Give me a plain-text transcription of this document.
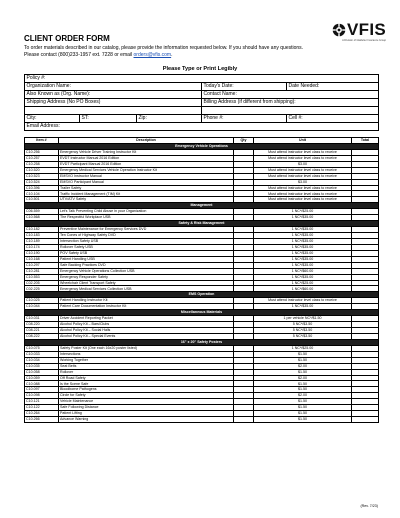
VFIS
A Division of Glatfelter Insurance Group
CLIENT ORDER FORM
To order materials described in our catalog, please provide the information requested below. If you should have any questions.
Please contact (800)233-1957 ext. 7228 or email orders@vfis.com.
Please Type or Print Legibly
Policy #:				
Organization Name:			Today's Date:	Date Needed:
Also Known as (Org. Name):			Contact Name:	
Shipping Address (No PO Boxes)			Billing Address (if different from shipping):	

City:	ST:	Zip:	Phone #:	Cell #:
Email Address:				
Item #	Description	Qty	Unit	Total
Emergency Vehicle Operations				
C10.256	Emergency Vehicle Driver Training Instructor Kit		Must attend instructor level class to receive	
C10.257	EVDT Instructor Manual 2016 Edition		Must attend instructor level class to receive	
C10.258	EVDT Participant Manual 2016 Edition		$3.00	
C10.520	Emergency Medical Services Vehicle Operation Instructor Kit		Must attend instructor level class to receive	
C10.523	EMSVO Instructor Manual		Must attend instructor level class to receive	
C10.524	EMSVO Participant Manual		$3.00	
C10.396	Trailer Safety		Must attend instructor level class to receive	
C10.104	Traffic Incident Management (TIM) Kit		Must attend instructor level class to receive	
C10.501	UTV/ATV Safety		Must attend instructor level class to receive	
Management				
C06.559	Let's Talk Preventing Child Abuse in your Organization		1 NC*/$25.00	
C10.568	The Respectful Workplace USB		1 NC*/$35.00	
Safety & Risk Management				
C10.182	Preventive Maintenance for Emergency Services DVD		1 NC*/$35.00	
C10.183	Ten Cones of Highway Safety DVD		1 NC*/$35.00	
C10.189	Intersection Safety USB		1 NC*/$35.00	
C10.174	Rollover Safety USB		1 NC*/$35.00	
C10.190	POV Safety USB		1 NC*/$35.00	
C10.168	Patient Handling USB		1 NC*/$35.00	
C10.297	Safe Backing Practices DVD		1 NC*/$35.00	
C10.281	Emergency Vehicle Operations Collection USB		1 NC*/$60.00	
C10.553	Emergency Responder Safety		1 NC*/$35.00	
C02.205	Wheelchair Client Transport Safety		1 NC*/$25.00	
C02.225	Emergency Medical Services Collection USB		1 NC*/$60.00	
EMS Operation				
C10.025	Patient Handling Instructor Kit		Must attend instructor level class to receive	
C10.044	Patient Care Documentation Instructor Kit		1 NC*/$35.00	
Miscellaneous Materials				
C10.031	Driver Accident Reporting Packet		1 per vehicle NC*/$1.50	
C08.220	Alcohol Policy Kit – Bars/Clubs		5 NC*/$3.50	
C08.221	Alcohol Policy Kit – Social Halls		5 NC*/$3.50	
C08.222	Alcohol Policy Kit – Special Events		5 NC*/$3.50	
16" x 20" Safety Posters				
C10.075	Safety Poster Kit (One each 16x20 poster listed)		1 NC*/$25.00	
C10.033	Intersections		$1.50	
C10.034	Working Together		$1.50	
C10.035	Seat Belts		$2.00	
C10.058	Rollover		$1.50	
C10.059	Off Road Safety		$2.00	
C10.088	Is the Scene Safe		$1.50	
C10.097	Bloodborne Pathogens		$1.50	
C10.098	Circle for Safety		$2.00	
C10.121	Vehicle Maintenance		$1.50	
C10.122	Safe Following Distance		$1.50	
C10.264	Patient Lifting		$1.50	
C10.266	Advance Warning		$1.50	
(Rev. 7/23)
